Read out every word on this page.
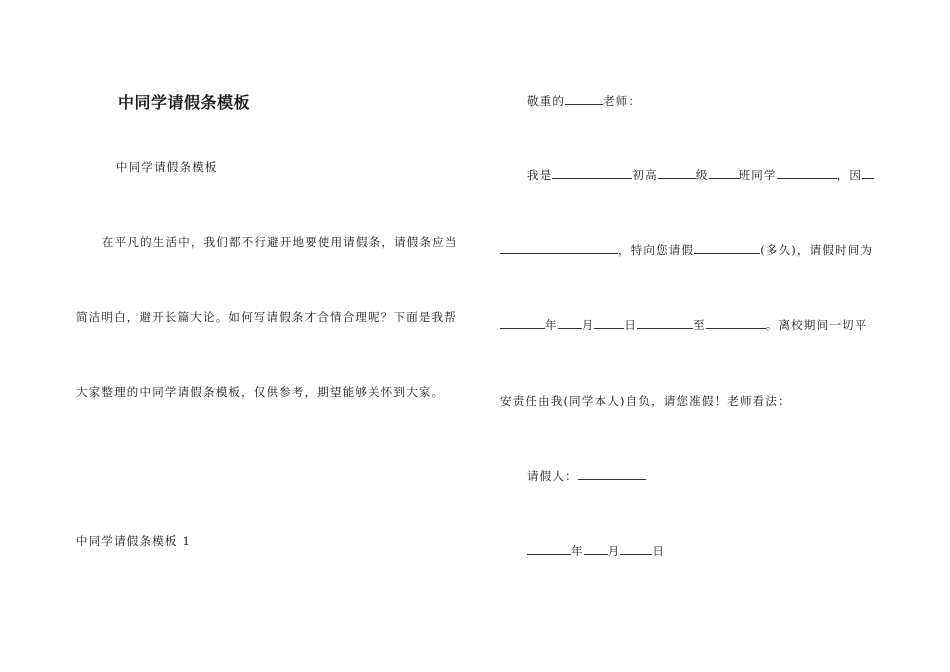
中同学请假条模板
中同学请假条模板
在平凡的生活中，我们都不行避开地要使用请假条，请假条应当
简洁明白，避开长篇大论。如何写请假条才合情合理呢？下面是我帮
大家整理的中同学请假条模板，仅供参考，期望能够关怀到大家。
中同学请假条模板 1
敬重的	老师：
我是	初高	级	班同学	，因
，特向您请假	(多久)，请假时间为
年 月	日	至	。离校期间一切平
安责任由我(同学本人)自负，请您准假！老师看法：
请假人：
年 月	日
